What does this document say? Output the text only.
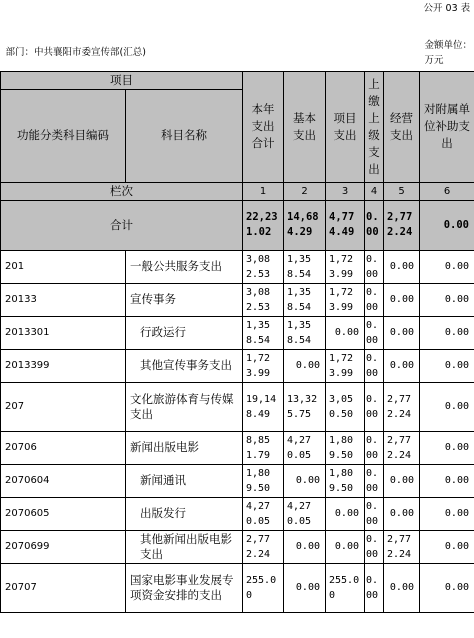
							公开 03 表
部门：中共襄阳市委宣传部(汇总)							金额单位：万元
项目		本年支出合计	基本支出	项目支出	上缴上级支出	经营支出	对附属单位补助支出
功能分类科目编码	科目名称						
栏次		1	2	3	4	5	6
合计		22,231.02	14,684.29	4,774.49	0.00	2,772.24	0.00
201	一般公共服务支出	3,082.53	1,358.54	1,723.99	0.00	0.00	0.00
20133	宣传事务	3,082.53	1,358.54	1,723.99	0.00	0.00	0.00
2013301	行政运行	1,358.54	1,358.54	0.00	0.00	0.00	0.00
2013399	其他宣传事务支出	1,723.99	0.00	1,723.99	0.00	0.00	0.00
207	文化旅游体育与传媒支出	19,148.49	13,325.75	3,050.50	0.00	2,772.24	0.00
20706	新闻出版电影	8,851.79	4,270.05	1,809.50	0.00	2,772.24	0.00
2070604	新闻通讯	1,809.50	0.00	1,809.50	0.00	0.00	0.00
2070605	出版发行	4,270.05	4,270.05	0.00	0.00	0.00	0.00
2070699	其他新闻出版电影支出	2,772.24	0.00	0.00	0.00	2,772.24	0.00
20707	国家电影事业发展专项资金安排的支出	255.00	0.00	255.00	0.00	0.00	0.00
